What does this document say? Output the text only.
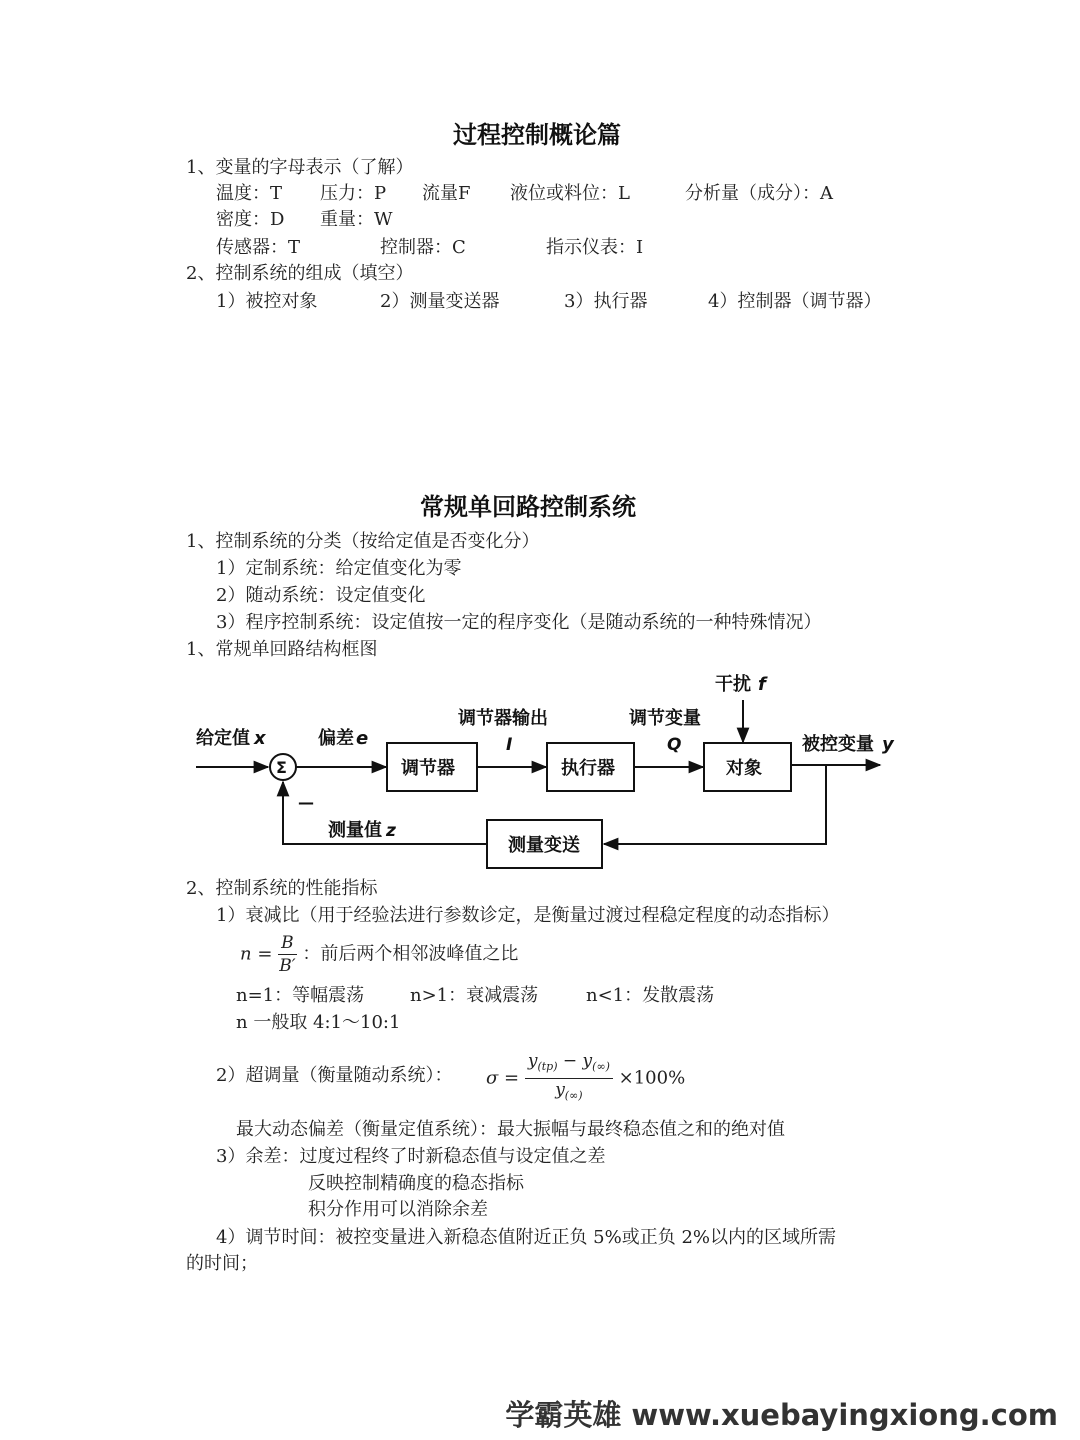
过程控制概论篇
1、变量的字母表示（了解）
温度：T 压力：P 流量F 液位或料位：L	分析量（成分）：A
密度：D 重量：W
传感器：T	控制器：C	指示仪表：I
2、控制系统的组成（填空）
1）被控对象	2）测量变送器	3）执行器	4）控制器（调节器）
常规单回路控制系统
1、控制系统的分类（按给定值是否变化分）
1）定制系统：给定值变化为零
2）随动系统：设定值变化
3）程序控制系统：设定值按一定的程序变化（是随动系统的一种特殊情况）
1、常规单回路结构框图
干扰 f
给定值 x
Σ
偏差 e
调节器
调节器输出
I
执行器
调节变量
Q
对象
被控变量 y
测量变送
测量值 z
—
2、控制系统的性能指标
1）衰减比（用于经验法进行参数诊定，是衡量过渡过程稳定程度的动态指标）
$n = \frac{B}{B'}$ ：前后两个相邻波峰值之比
n=1：等幅震荡	n>1：衰减震荡	n<1：发散震荡
n 一般取 4:1～10:1
2）超调量（衡量随动系统）： $\sigma = \frac{y_{(tp)} - y_{(\infty)}}{y_{(\infty)}} \times 100\%$
最大动态偏差（衡量定值系统）：最大振幅与最终稳态值之和的绝对值
3）余差：过度过程终了时新稳态值与设定值之差
反映控制精确度的稳态指标
积分作用可以消除余差
4）调节时间：被控变量进入新稳态值附近正负 5%或正负 2%以内的区域所需
的时间；
学霸英雄 www.xuebayingxiong.com
